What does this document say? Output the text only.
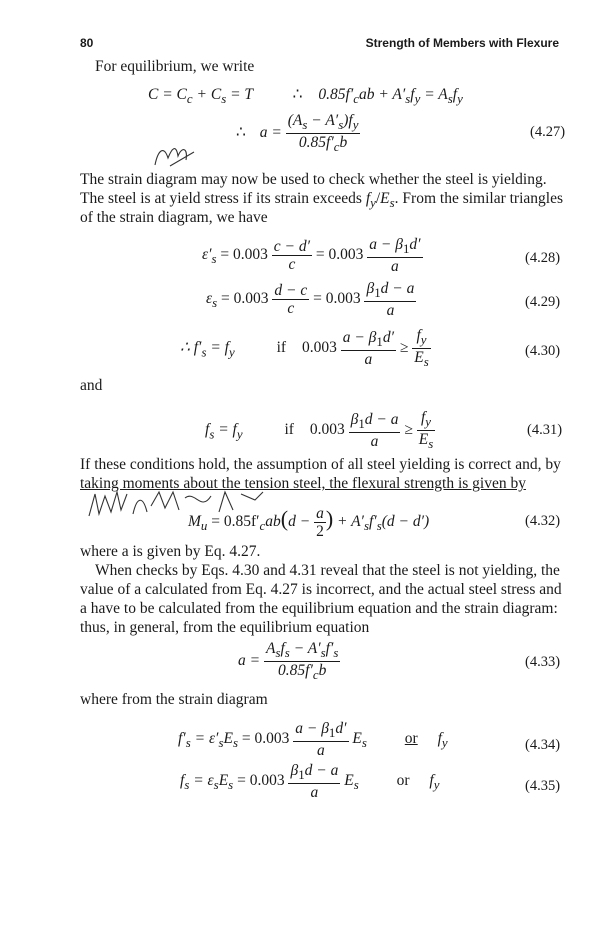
80	Strength of Members with Flexure
For equilibrium, we write
$C = C_c + C_s = T$	∴ $0.85f'_cab + A'_sf_y = A_sf_y$
∴ $a = \frac{(A_s - A'_s)f_y}{0.85f'_cb}$	(4.27)
The strain diagram may now be used to check whether the steel is yielding.
The steel is at yield stress if its strain exceeds $f_y/E_s$. From the similar triangles
of the strain diagram, we have
$\varepsilon'_s = 0.003 \frac{c - d'}{c} = 0.003 \frac{a - \beta_1d'}{a}$	(4.28)
$\varepsilon_s = 0.003 \frac{d - c}{c} = 0.003 \frac{\beta_1d - a}{a}$	(4.29)
∴ $f'_s = f_y$	if $0.003 \frac{a - \beta_1d'}{a} \ge \frac{f_y}{E_s}$	(4.30)
and
$f_s = f_y$	if $0.003 \frac{\beta_1d - a}{a} \ge \frac{f_y}{E_s}$	(4.31)
If these conditions hold, the assumption of all steel yielding is correct and, by
taking moments about the tension steel, the flexural strength is given by
$M_u = 0.85f'_cab(d - \frac{a}{2}$ ) + $A'_sf'_s(d - d')$	(4.32)
where a is given by Eq. 4.27.
When checks by Eqs. 4.30 and 4.31 reveal that the steel is not yielding, the
value of a calculated from Eq. 4.27 is incorrect, and the actual steel stress and
a have to be calculated from the equilibrium equation and the strain diagram:
thus, in general, from the equilibrium equation
$a = \frac{A_sf_s - A'_sf'_s}{0.85f'_cb}$	(4.33)
where from the strain diagram
$f'_s = \varepsilon'_sE_s = 0.003 \frac{a - \beta_1d'}{a} E_s$ or $f_y$	(4.34)
$f_s = \varepsilon_sE_s = 0.003 \frac{\beta_1d - a}{a} E_s$ or $f_y$	(4.35)
